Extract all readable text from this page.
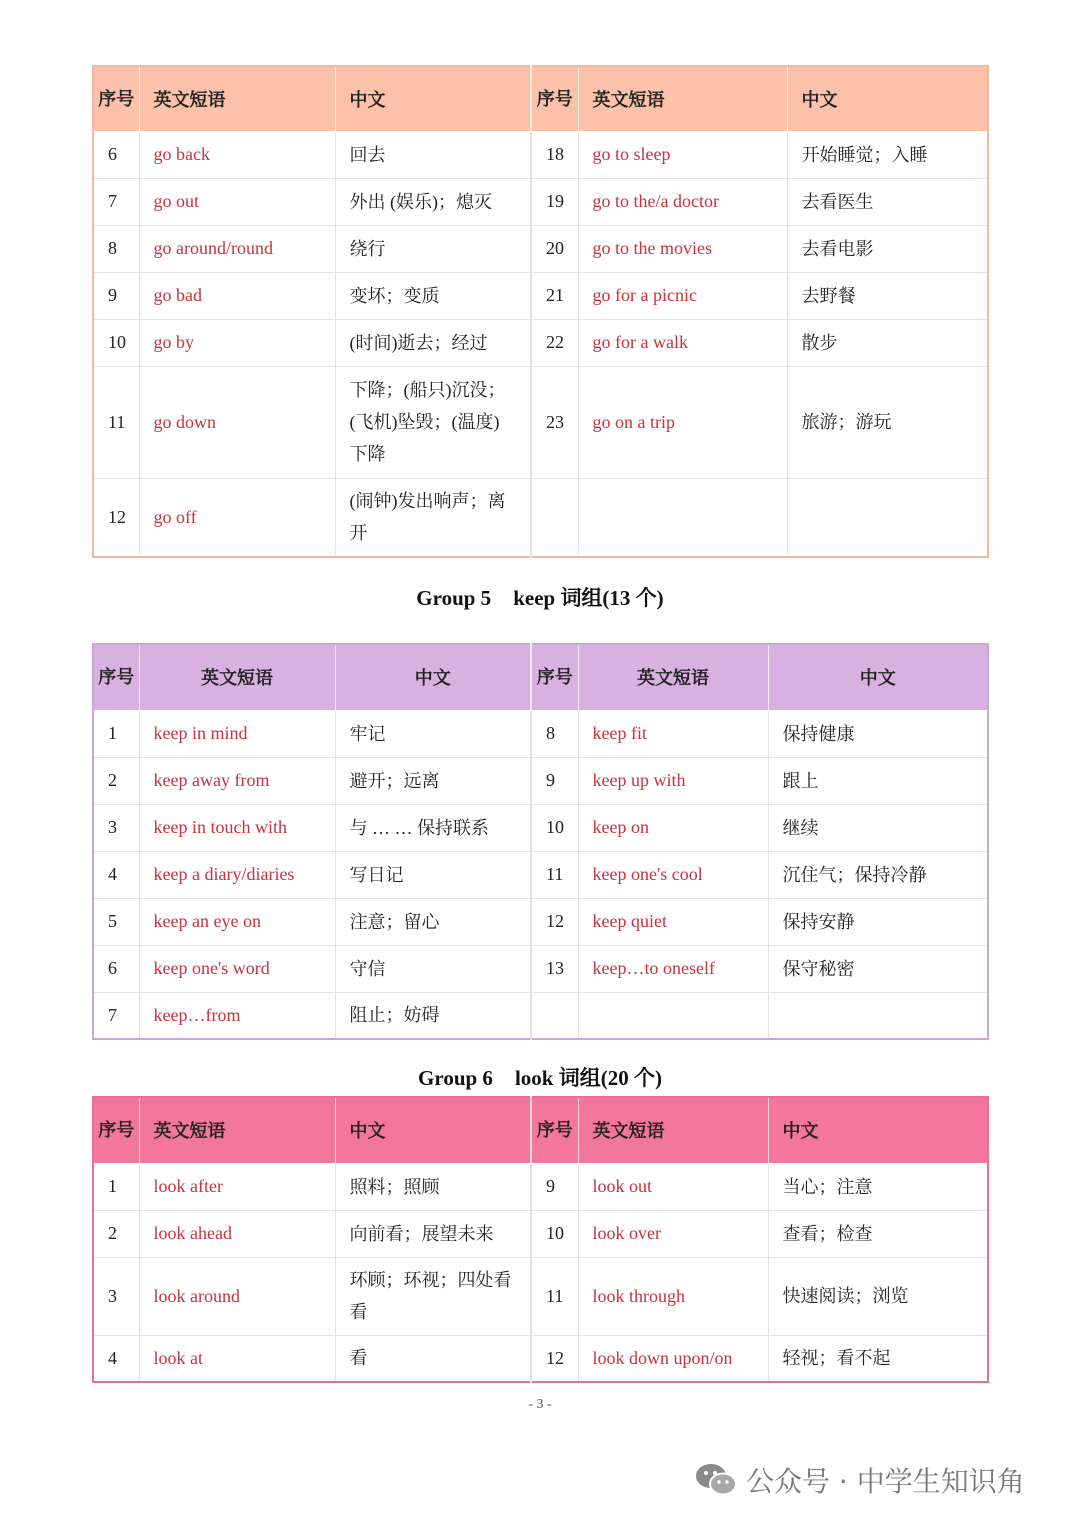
序号	英文短语	中文	序号	英文短语	中文
6	go back	回去	18	go to sleep	开始睡觉；入睡
7	go out	外出 (娱乐)；熄灭	19	go to the/a doctor	去看医生
8	go around/round	绕行	20	go to the movies	去看电影
9	go bad	变坏；变质	21	go for a picnic	去野餐
10	go by	(时间)逝去；经过	22	go for a walk	散步
11	go down	下降；(船只)沉没；(飞机)坠毁；(温度)下降	23	go on a trip	旅游；游玩
12	go off	(闹钟)发出响声；离开			
Group 5 keep 词组(13 个)
序号	英文短语	中文	序号	英文短语	中文
1	keep in mind	牢记	8	keep fit	保持健康
2	keep away from	避开；远离	9	keep up with	跟上
3	keep in touch with	与 … … 保持联系	10	keep on	继续
4	keep a diary/diaries	写日记	11	keep one's cool	沉住气；保持冷静
5	keep an eye on	注意；留心	12	keep quiet	保持安静
6	keep one's word	守信	13	keep…to oneself	保守秘密
7	keep…from	阻止；妨碍			
Group 6 look 词组(20 个)
序号	英文短语	中文	序号	英文短语	中文
1	look after	照料；照顾	9	look out	当心；注意
2	look ahead	向前看；展望未来	10	look over	查看；检查
3	look around	环顾；环视；四处看看	11	look through	快速阅读；浏览
4	look at	看	12	look down upon/on	轻视；看不起
- 3 -
公众号 · 中学生知识角
